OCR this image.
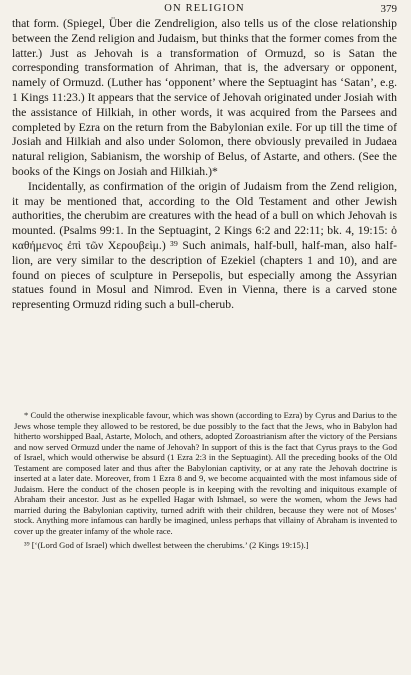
ON RELIGION	379

that form. (Spiegel, Über die Zendreligion, also tells us of the close relationship between the Zend religion and Judaism, but thinks that the former comes from the latter.) Just as Jehovah is a transformation of Ormuzd, so is Satan the corresponding transformation of Ahriman, that is, the adversary or opponent, namely of Ormuzd. (Luther has ‘opponent’ where the Septuagint has ‘Satan’, e.g. 1 Kings 11:23.) It appears that the service of Jehovah originated under Josiah with the assistance of Hilkiah, in other words, it was acquired from the Parsees and completed by Ezra on the return from the Babylonian exile. For up till the time of Josiah and Hilkiah and also under Solomon, there obviously prevailed in Judaea natural religion, Sabianism, the worship of Belus, of Astarte, and others. (See the books of the Kings on Josiah and Hilkiah.)*

Incidentally, as confirmation of the origin of Judaism from the Zend religion, it may be mentioned that, according to the Old Testament and other Jewish authorities, the cherubim are creatures with the head of a bull on which Jehovah is mounted. (Psalms 99:1. In the Septuagint, 2 Kings 6:2 and 22:11; bk. 4, 19:15: ὁ καθήμενος ἐπὶ τῶν Χερουβεὶμ.) ³⁹ Such animals, half-bull, half-man, also half-lion, are very similar to the description of Ezekiel (chapters 1 and 10), and are found on pieces of sculpture in Persepolis, but especially among the Assyrian statues found in Mosul and Nimrod. Even in Vienna, there is a carved stone representing Ormuzd riding such a bull-cherub.

* Could the otherwise inexplicable favour, which was shown (according to Ezra) by Cyrus and Darius to the Jews whose temple they allowed to be restored, be due possibly to the fact that the Jews, who in Babylon had hitherto worshipped Baal, Astarte, Moloch, and others, adopted Zoroastrianism after the victory of the Persians and now served Ormuzd under the name of Jehovah? In support of this is the fact that Cyrus prays to the God of Israel, which would otherwise be absurd (1 Ezra 2:3 in the Septuagint). All the preceding books of the Old Testament are composed later and thus after the Babylonian captivity, or at any rate the Jehovah doctrine is inserted at a later date. Moreover, from 1 Ezra 8 and 9, we become acquainted with the most infamous side of Judaism. Here the conduct of the chosen people is in keeping with the revolting and iniquitous example of Abraham their ancestor. Just as he expelled Hagar with Ishmael, so were the women, whom the Jews had married during the Babylonian captivity, turned adrift with their children, because they were not of Moses’ stock. Anything more infamous can hardly be imagined, unless perhaps that villainy of Abraham is invented to cover up the greater infamy of the whole race.

³⁹ [‘(Lord God of Israel) which dwellest between the cherubims.’ (2 Kings 19:15).]
